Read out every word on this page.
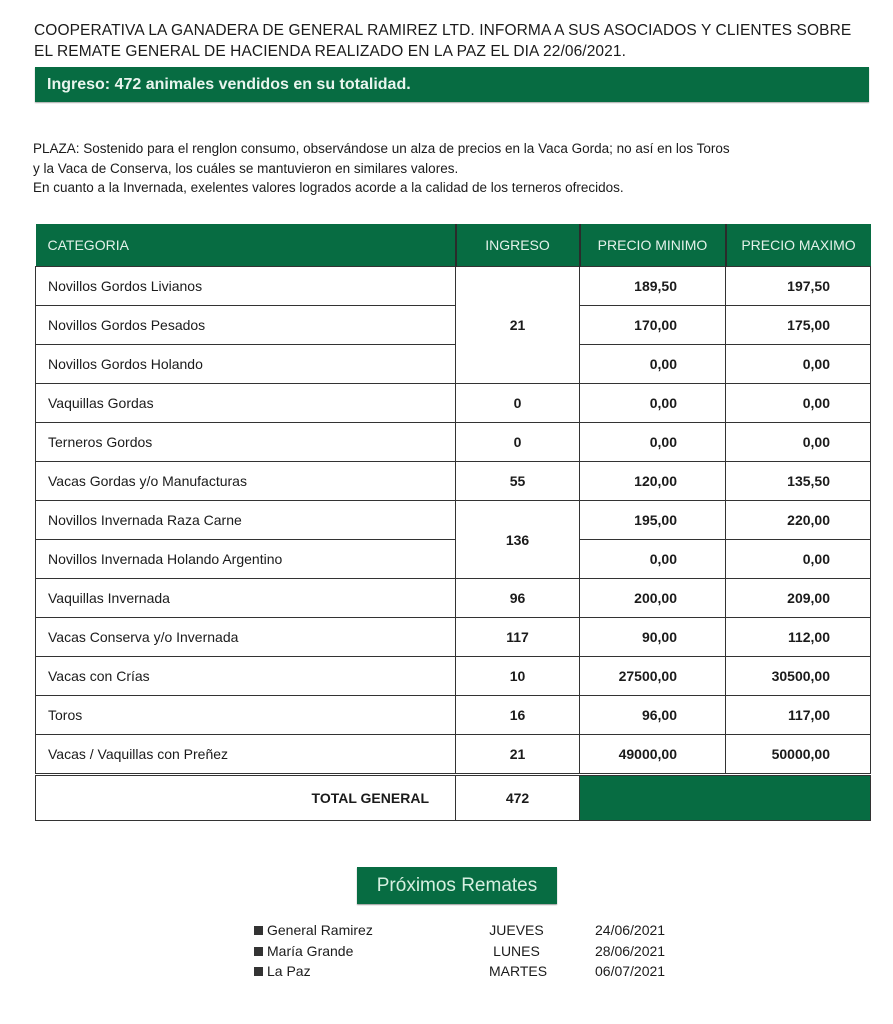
COOPERATIVA LA GANADERA DE GENERAL RAMIREZ LTD. INFORMA A SUS ASOCIADOS Y CLIENTES SOBRE
EL REMATE GENERAL DE HACIENDA REALIZADO EN LA PAZ EL DIA 22/06/2021.
Ingreso: 472 animales vendidos en su totalidad.
PLAZA: Sostenido para el renglon consumo, observándose un alza de precios en la Vaca Gorda; no así en los Toros
y la Vaca de Conserva, los cuáles se mantuvieron en similares valores.
En cuanto a la Invernada, exelentes valores logrados acorde a la calidad de los terneros ofrecidos.
CATEGORIA	INGRESO	PRECIO MINIMO	PRECIO MAXIMO
Novillos Gordos Livianos	21	189,50	197,50
Novillos Gordos Pesados		170,00	175,00
Novillos Gordos Holando		0,00	0,00
Vaquillas Gordas	0	0,00	0,00
Terneros Gordos	0	0,00	0,00
Vacas Gordas y/o Manufacturas	55	120,00	135,50
Novillos Invernada Raza Carne	136	195,00	220,00
Novillos Invernada Holando Argentino		0,00	0,00
Vaquillas Invernada	96	200,00	209,00
Vacas Conserva y/o Invernada	117	90,00	112,00
Vacas con Crías	10	27500,00	30500,00
Toros	16	96,00	117,00
Vacas / Vaquillas con Preñez	21	49000,00	50000,00
TOTAL GENERAL	472		
Próximos Remates
General Ramirez	JUEVES	24/06/2021
María Grande	LUNES	28/06/2021
La Paz	MARTES	06/07/2021
